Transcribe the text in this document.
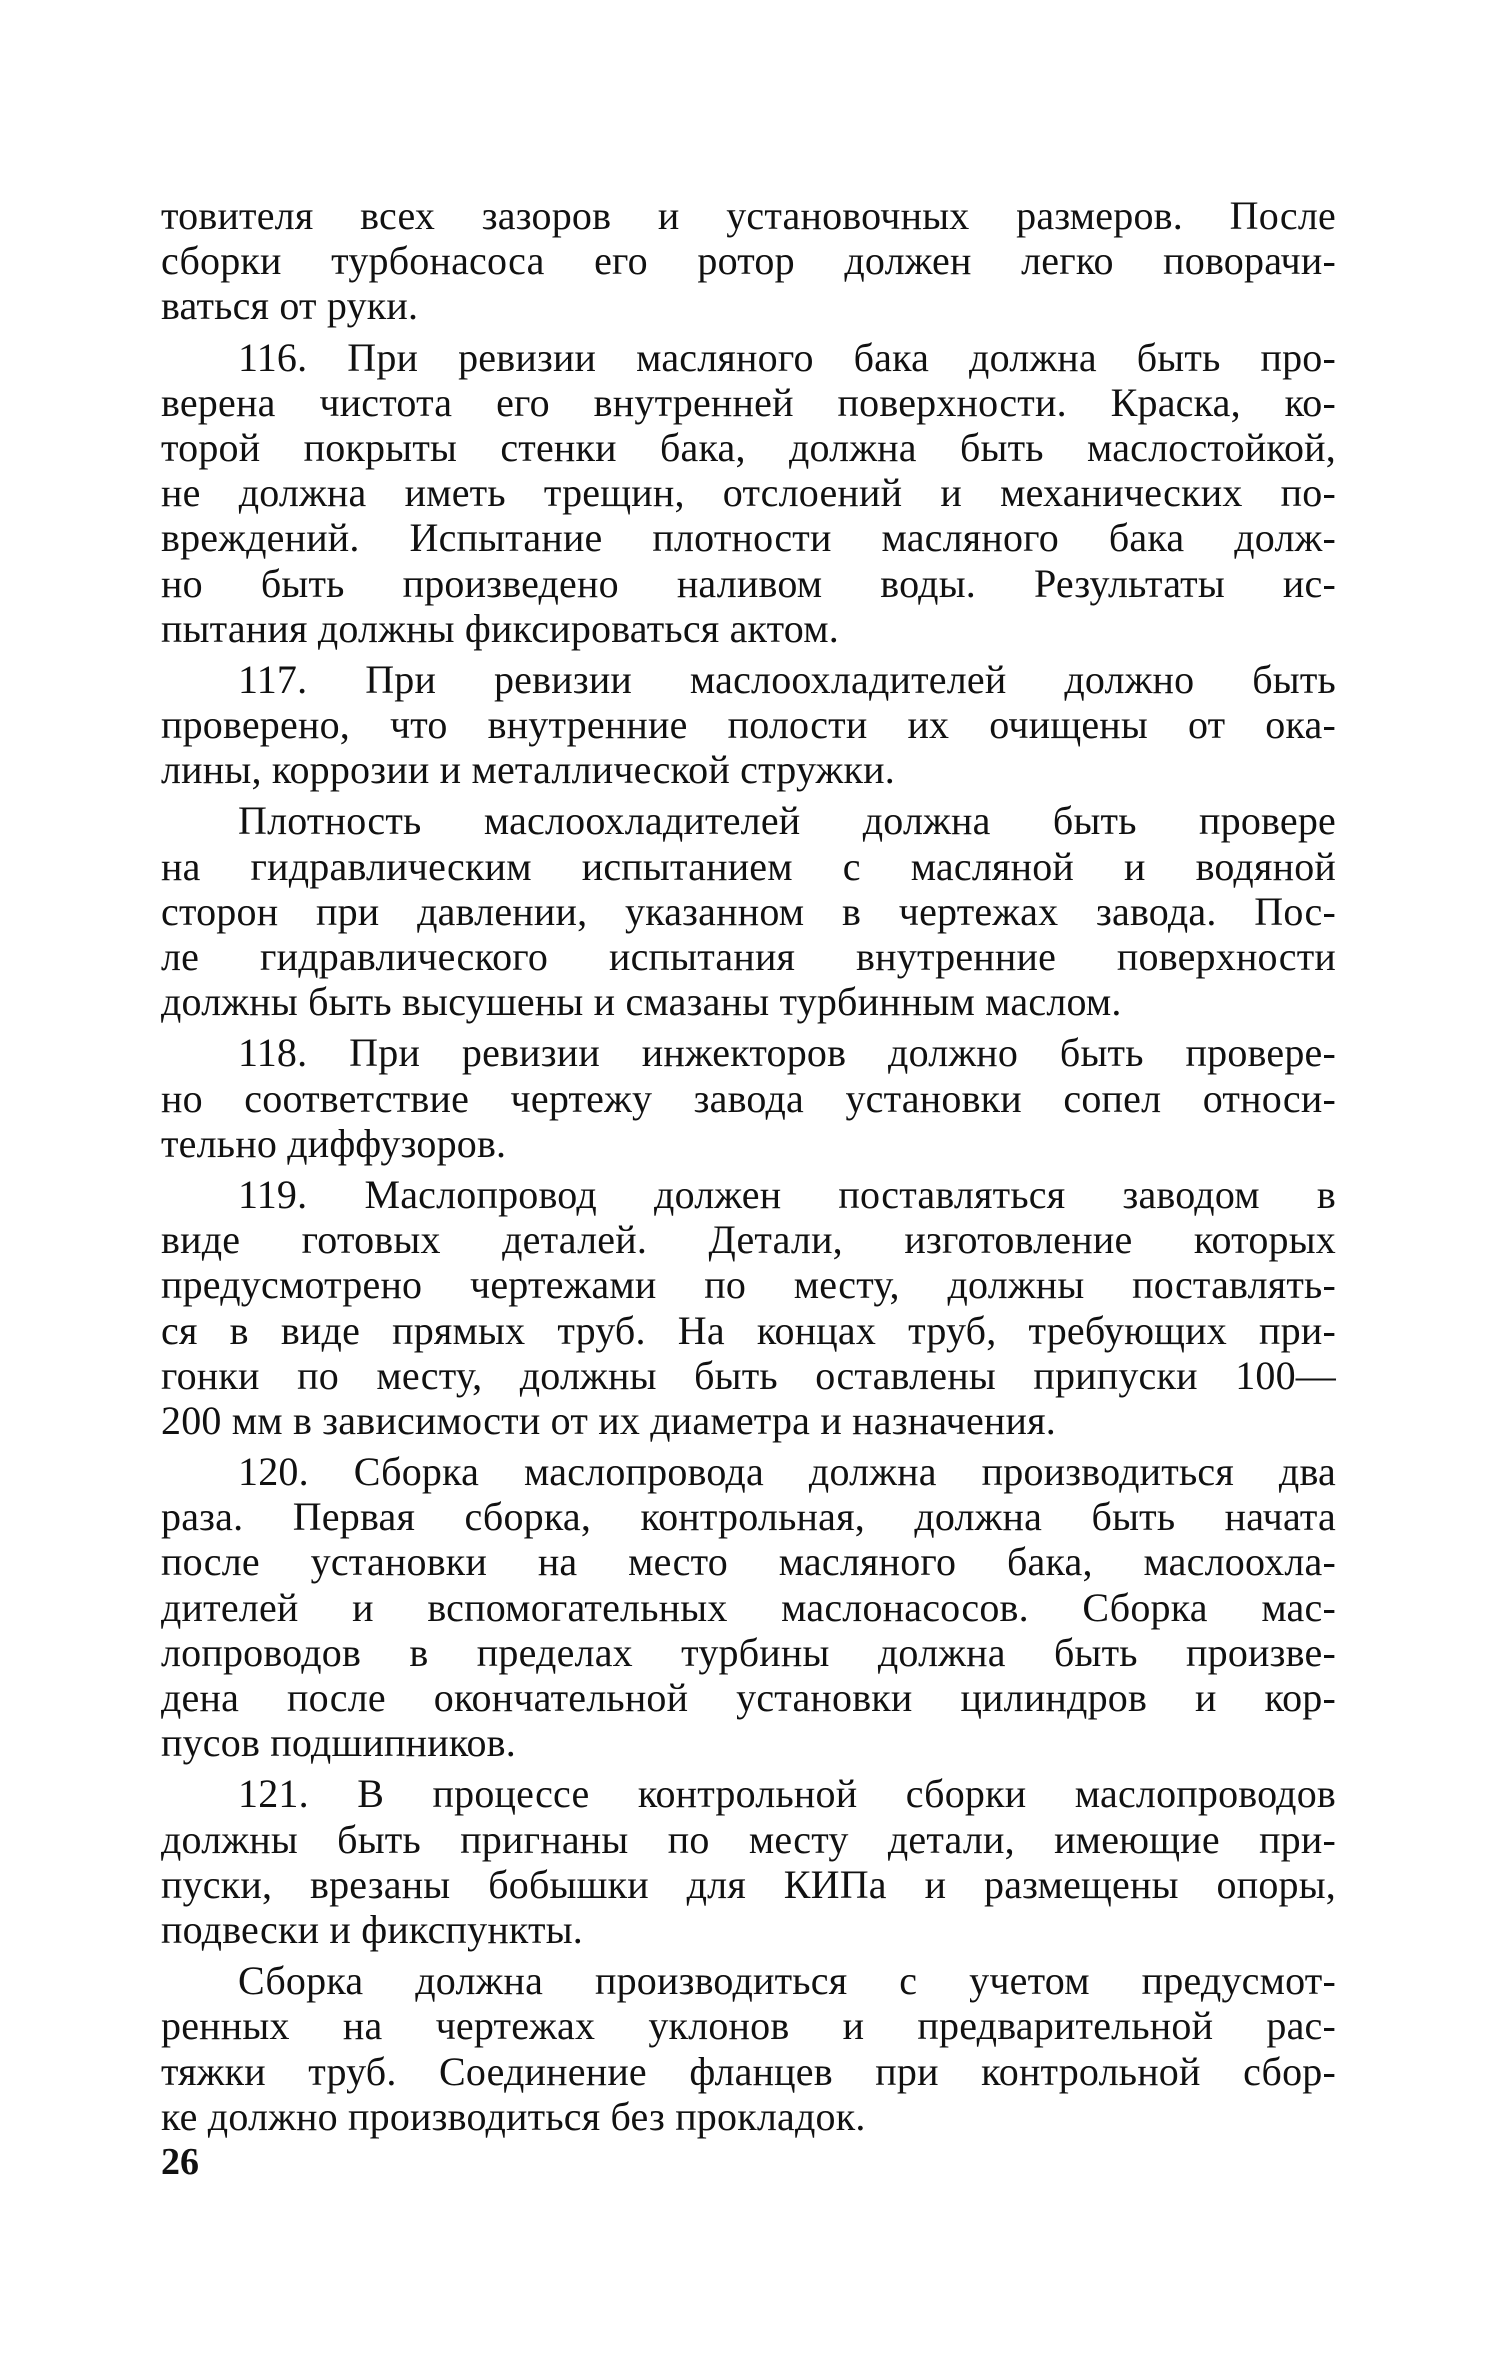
товителя всех зазоров и установочных размеров. После
сборки турбонасоса его ротор должен легко поворачи-
ваться от руки.
116. При ревизии масляного бака должна быть про-
верена чистота его внутренней поверхности. Краска, ко-
торой покрыты стенки бака, должна быть маслостойкой,
не должна иметь трещин, отслоений и механических по-
вреждений. Испытание плотности масляного бака долж-
но быть произведено наливом воды. Результаты ис-
пытания должны фиксироваться актом.
117. При ревизии маслоохладителей должно быть
проверено, что внутренние полости их очищены от ока-
лины, коррозии и металлической стружки.
Плотность маслоохладителей должна быть провере
на гидравлическим испытанием с масляной и водяной
сторон при давлении, указанном в чертежах завода. Пос-
ле гидравлического испытания внутренние поверхности
должны быть высушены и смазаны турбинным маслом.
118. При ревизии инжекторов должно быть провере-
но соответствие чертежу завода установки сопел относи-
тельно диффузоров.
119. Маслопровод должен поставляться заводом в
виде готовых деталей. Детали, изготовление которых
предусмотрено чертежами по месту, должны поставлять-
ся в виде прямых труб. На концах труб, требующих при-
гонки по месту, должны быть оставлены припуски 100—
200 мм в зависимости от их диаметра и назначения.
120. Сборка маслопровода должна производиться два
раза. Первая сборка, контрольная, должна быть начата
после установки на место масляного бака, маслоохла-
дителей и вспомогательных маслонасосов. Сборка мас-
лопроводов в пределах турбины должна быть произве-
дена после окончательной установки цилиндров и кор-
пусов подшипников.
121. В процессе контрольной сборки маслопроводов
должны быть пригнаны по месту детали, имеющие при-
пуски, врезаны бобышки для КИПа и размещены опоры,
подвески и фикспункты.
Сборка должна производиться с учетом предусмот-
ренных на чертежах уклонов и предварительной рас-
тяжки труб. Соединение фланцев при контрольной сбор-
ке должно производиться без прокладок.
26
